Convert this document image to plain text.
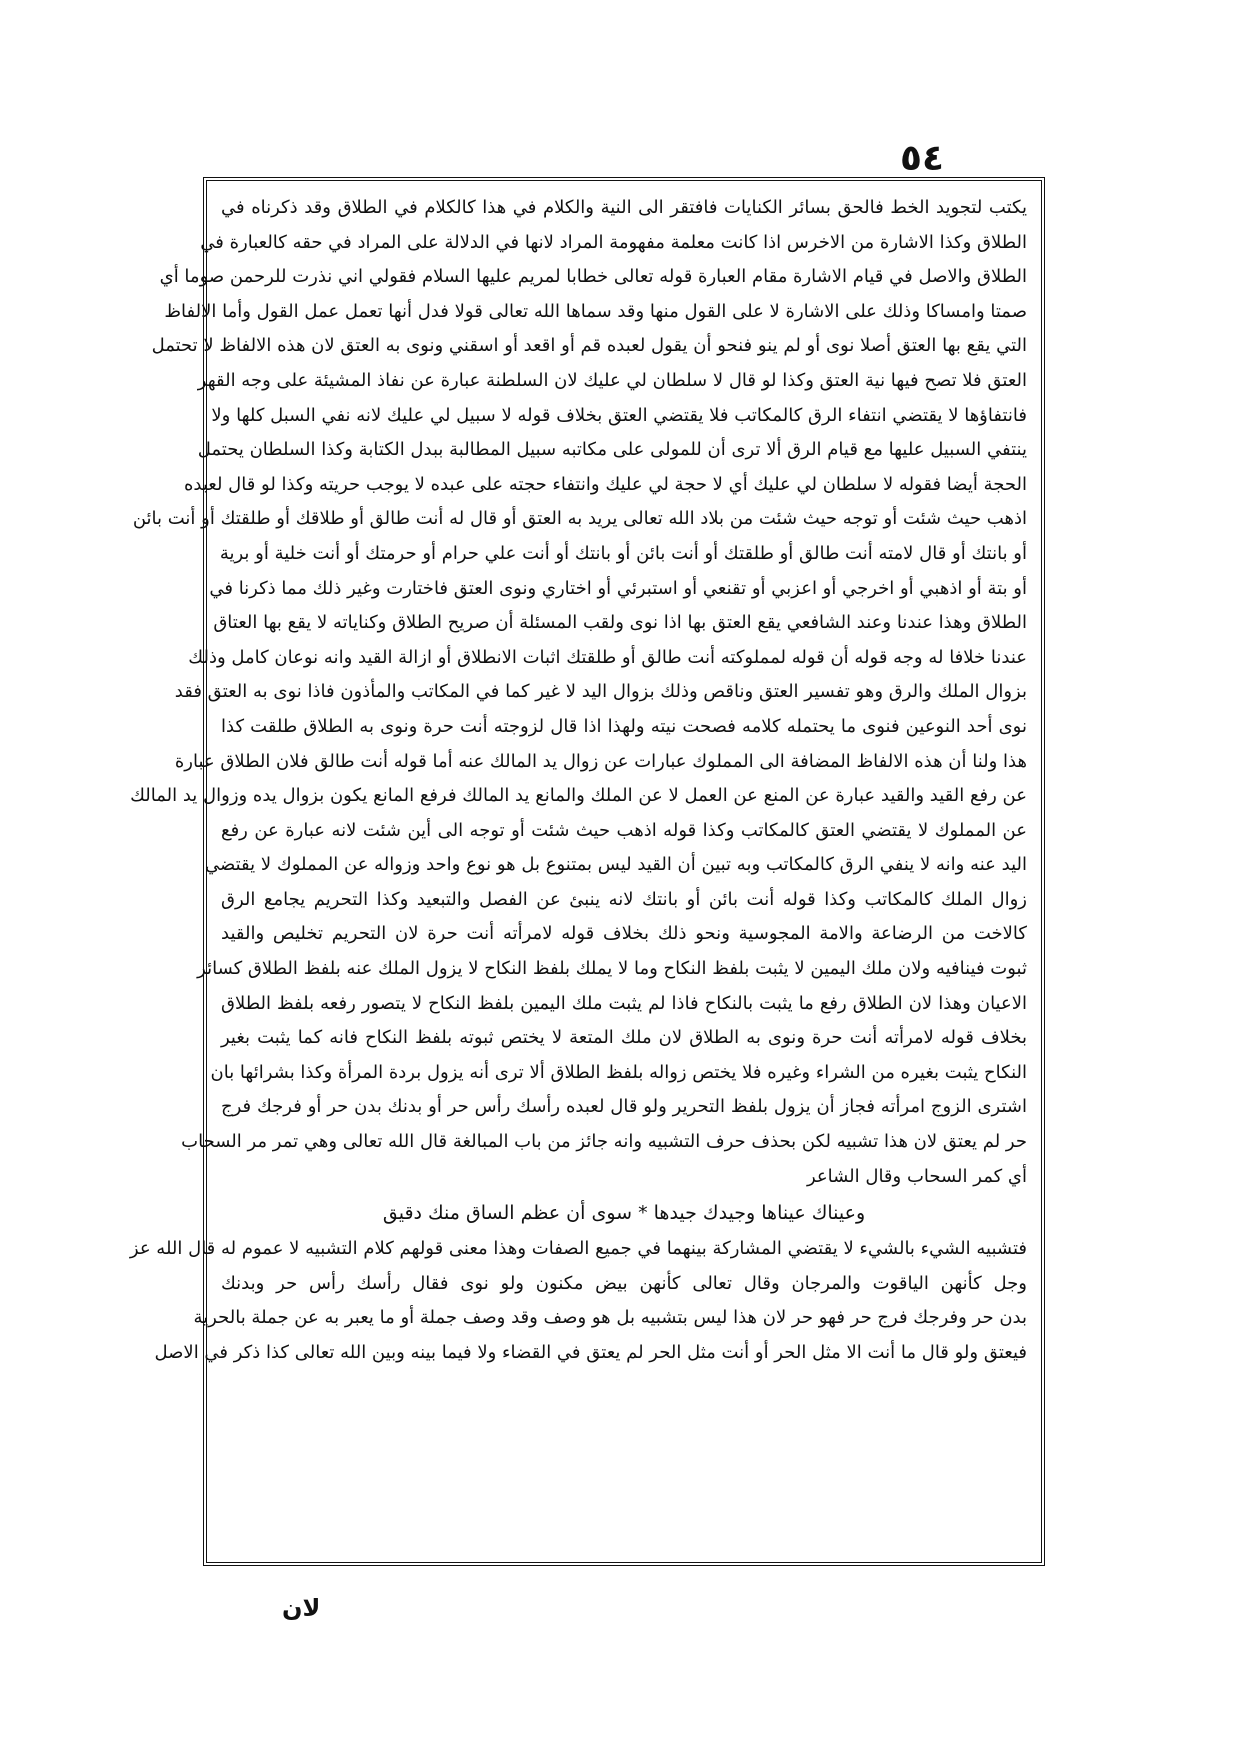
٥٤
يكتب لتجويد الخط فالحق بسائر الكنايات فافتقر الى النية والكلام في هذا كالكلام في الطلاق وقد ذكرناه في
الطلاق وكذا الاشارة من الاخرس اذا كانت معلمة مفهومة المراد لانها في الدلالة على المراد في حقه كالعبارة في
الطلاق والاصل في قيام الاشارة مقام العبارة قوله تعالى خطابا لمريم عليها السلام فقولي اني نذرت للرحمن صوما أي
صمتا وامساكا وذلك على الاشارة لا على القول منها وقد سماها الله تعالى قولا فدل أنها تعمل عمل القول وأما الالفاظ
التي يقع بها العتق أصلا نوى أو لم ينو فنحو أن يقول لعبده قم أو اقعد أو اسقني ونوى به العتق لان هذه الالفاظ لا تحتمل
العتق فلا تصح فيها نية العتق وكذا لو قال لا سلطان لي عليك لان السلطنة عبارة عن نفاذ المشيئة على وجه القهر
فانتفاؤها لا يقتضي انتفاء الرق كالمكاتب فلا يقتضي العتق بخلاف قوله لا سبيل لي عليك لانه نفي السبل كلها ولا
ينتفي السبيل عليها مع قيام الرق ألا ترى أن للمولى على مكاتبه سبيل المطالبة ببدل الكتابة وكذا السلطان يحتمل
الحجة أيضا فقوله لا سلطان لي عليك أي لا حجة لي عليك وانتفاء حجته على عبده لا يوجب حريته وكذا لو قال لعبده
اذهب حيث شئت أو توجه حيث شئت من بلاد الله تعالى يريد به العتق أو قال له أنت طالق أو طلاقك أو طلقتك أو أنت بائن
أو بانتك أو قال لامته أنت طالق أو طلقتك أو أنت بائن أو بانتك أو أنت علي حرام أو حرمتك أو أنت خلية أو برية
أو بتة أو اذهبي أو اخرجي أو اعزبي أو تقنعي أو استبرئي أو اختاري ونوى العتق فاختارت وغير ذلك مما ذكرنا في
الطلاق وهذا عندنا وعند الشافعي يقع العتق بها اذا نوى ولقب المسئلة أن صريح الطلاق وكناياته لا يقع بها العتاق
عندنا خلافا له وجه قوله أن قوله لمملوكته أنت طالق أو طلقتك اثبات الانطلاق أو ازالة القيد وانه نوعان كامل وذلك
بزوال الملك والرق وهو تفسير العتق وناقص وذلك بزوال اليد لا غير كما في المكاتب والمأذون فاذا نوى به العتق فقد
نوى أحد النوعين فنوى ما يحتمله كلامه فصحت نيته ولهذا اذا قال لزوجته أنت حرة ونوى به الطلاق طلقت كذا
هذا ولنا أن هذه الالفاظ المضافة الى المملوك عبارات عن زوال يد المالك عنه أما قوله أنت طالق فلان الطلاق عبارة
عن رفع القيد والقيد عبارة عن المنع عن العمل لا عن الملك والمانع يد المالك فرفع المانع يكون بزوال يده وزوال يد المالك
عن المملوك لا يقتضي العتق كالمكاتب وكذا قوله اذهب حيث شئت أو توجه الى أين شئت لانه عبارة عن رفع
اليد عنه وانه لا ينفي الرق كالمكاتب وبه تبين أن القيد ليس بمتنوع بل هو نوع واحد وزواله عن المملوك لا يقتضي
زوال الملك كالمكاتب وكذا قوله أنت بائن أو بانتك لانه ينبئ عن الفصل والتبعيد وكذا التحريم يجامع الرق
كالاخت من الرضاعة والامة المجوسية ونحو ذلك بخلاف قوله لامرأته أنت حرة لان التحريم تخليص والقيد
ثبوت فينافيه ولان ملك اليمين لا يثبت بلفظ النكاح وما لا يملك بلفظ النكاح لا يزول الملك عنه بلفظ الطلاق كسائر
الاعيان وهذا لان الطلاق رفع ما يثبت بالنكاح فاذا لم يثبت ملك اليمين بلفظ النكاح لا يتصور رفعه بلفظ الطلاق
بخلاف قوله لامرأته أنت حرة ونوى به الطلاق لان ملك المتعة لا يختص ثبوته بلفظ النكاح فانه كما يثبت بغير
النكاح يثبت بغيره من الشراء وغيره فلا يختص زواله بلفظ الطلاق ألا ترى أنه يزول بردة المرأة وكذا بشرائها بان
اشترى الزوج امرأته فجاز أن يزول بلفظ التحرير ولو قال لعبده رأسك رأس حر أو بدنك بدن حر أو فرجك فرج
حر لم يعتق لان هذا تشبيه لكن بحذف حرف التشبيه وانه جائز من باب المبالغة قال الله تعالى وهي تمر مر السحاب
أي كمر السحاب وقال الشاعر
وعيناك عيناها وجيدك جيدها * سوى أن عظم الساق منك دقيق
فتشبيه الشيء بالشيء لا يقتضي المشاركة بينهما في جميع الصفات وهذا معنى قولهم كلام التشبيه لا عموم له قال الله عز
وجل كأنهن الياقوت والمرجان وقال تعالى كأنهن بيض مكنون ولو نوى فقال رأسك رأس حر وبدنك
بدن حر وفرجك فرج حر فهو حر لان هذا ليس بتشبيه بل هو وصف وقد وصف جملة أو ما يعبر به عن جملة بالحرية
فيعتق ولو قال ما أنت الا مثل الحر أو أنت مثل الحر لم يعتق في القضاء ولا فيما بينه وبين الله تعالى كذا ذكر في الاصل
لان
